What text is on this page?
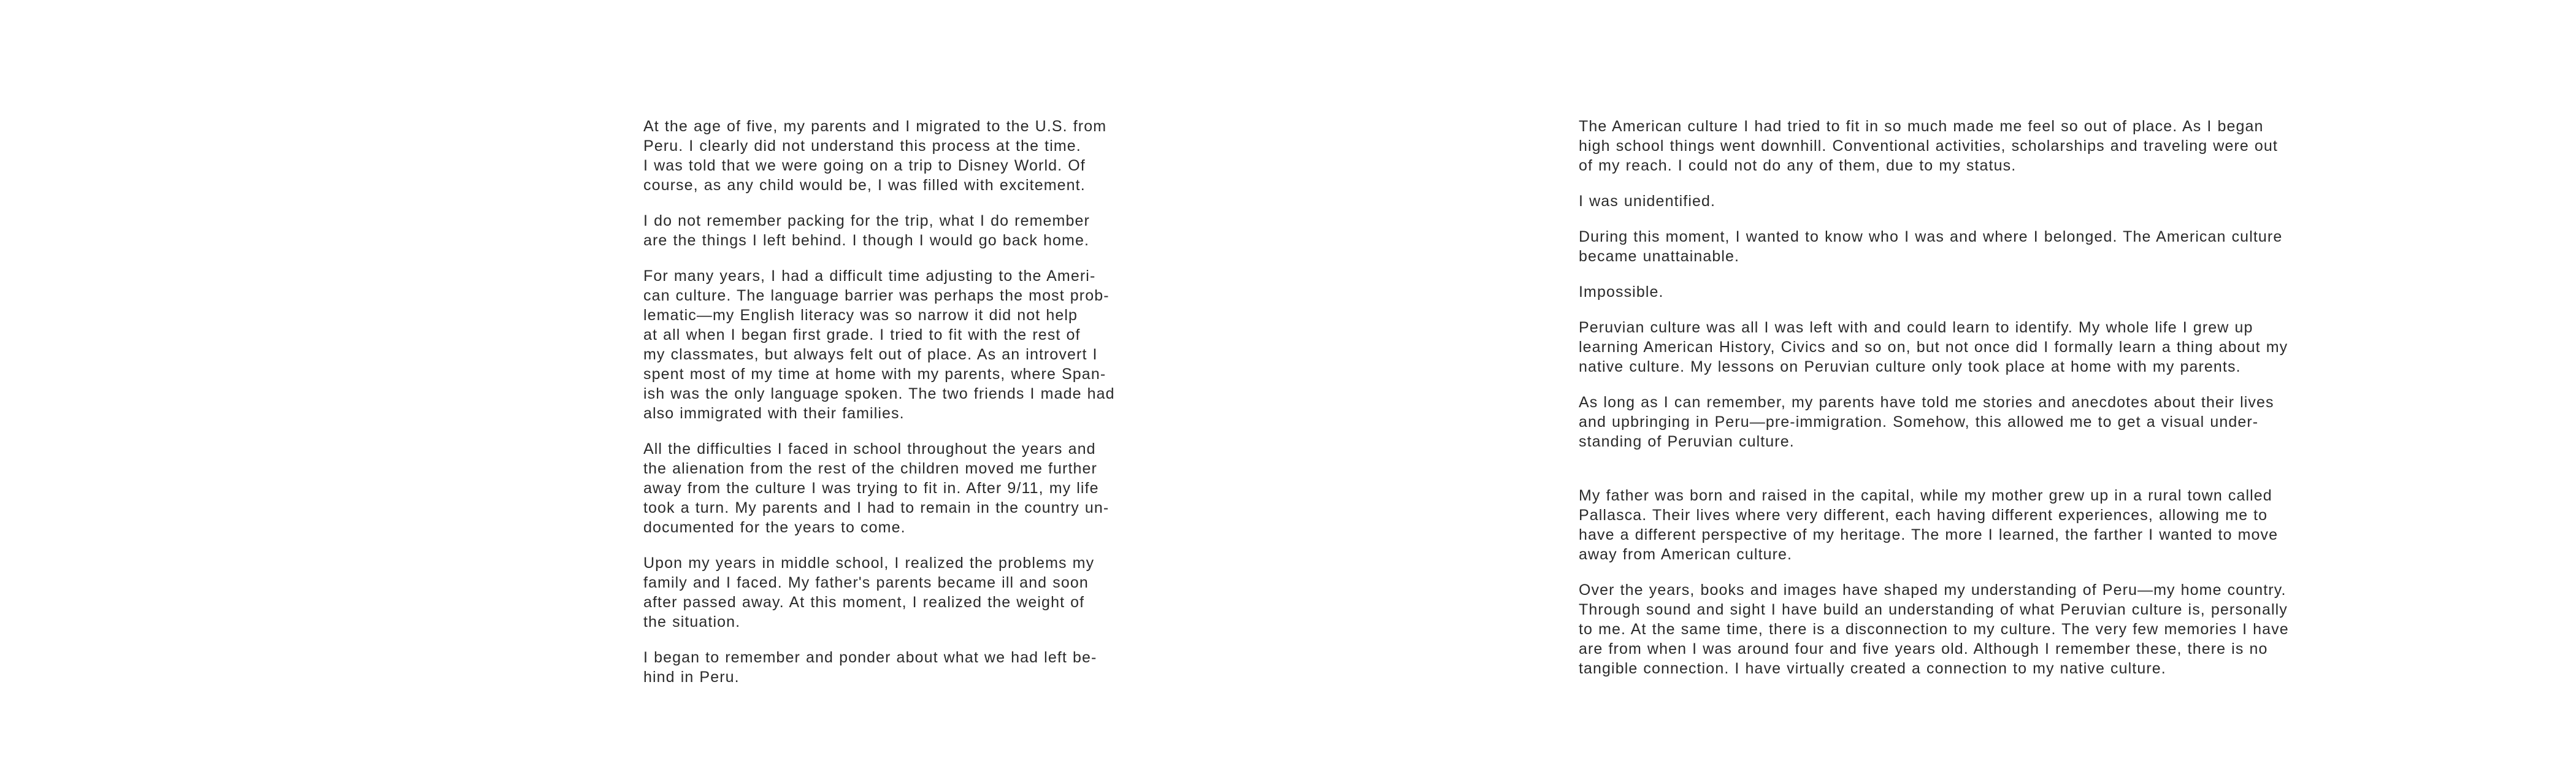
At the age of five, my parents and I migrated to the U.S. from
Peru. I clearly did not understand this process at the time.
I was told that we were going on a trip to Disney World. Of
course, as any child would be, I was filled with excitement.

I do not remember packing for the trip, what I do remember
are the things I left behind. I though I would go back home.

For many years, I had a difficult time adjusting to the Ameri-
can culture. The language barrier was perhaps the most prob-
lematic—my English literacy was so narrow it did not help
at all when I began first grade. I tried to fit with the rest of
my classmates, but always felt out of place. As an introvert I
spent most of my time at home with my parents, where Span-
ish was the only language spoken. The two friends I made had
also immigrated with their families.

All the difficulties I faced in school throughout the years and
the alienation from the rest of the children moved me further
away from the culture I was trying to fit in. After 9/11, my life
took a turn. My parents and I had to remain in the country un-
documented for the years to come.

Upon my years in middle school, I realized the problems my
family and I faced. My father's parents became ill and soon
after passed away. At this moment, I realized the weight of
the situation.

I began to remember and ponder about what we had left be-
hind in Peru.

The American culture I had tried to fit in so much made me feel so out of place. As I began
high school things went downhill. Conventional activities, scholarships and traveling were out
of my reach. I could not do any of them, due to my status.

I was unidentified.

During this moment, I wanted to know who I was and where I belonged. The American culture
became unattainable.

Impossible.

Peruvian culture was all I was left with and could learn to identify. My whole life I grew up
learning American History, Civics and so on, but not once did I formally learn a thing about my
native culture. My lessons on Peruvian culture only took place at home with my parents.

As long as I can remember, my parents have told me stories and anecdotes about their lives
and upbringing in Peru—pre-immigration. Somehow, this allowed me to get a visual under-
standing of Peruvian culture.

My father was born and raised in the capital, while my mother grew up in a rural town called
Pallasca. Their lives where very different, each having different experiences, allowing me to
have a different perspective of my heritage. The more I learned, the farther I wanted to move
away from American culture.

Over the years, books and images have shaped my understanding of Peru—my home country.
Through sound and sight I have build an understanding of what Peruvian culture is, personally
to me. At the same time, there is a disconnection to my culture. The very few memories I have
are from when I was around four and five years old. Although I remember these, there is no
tangible connection. I have virtually created a connection to my native culture.
